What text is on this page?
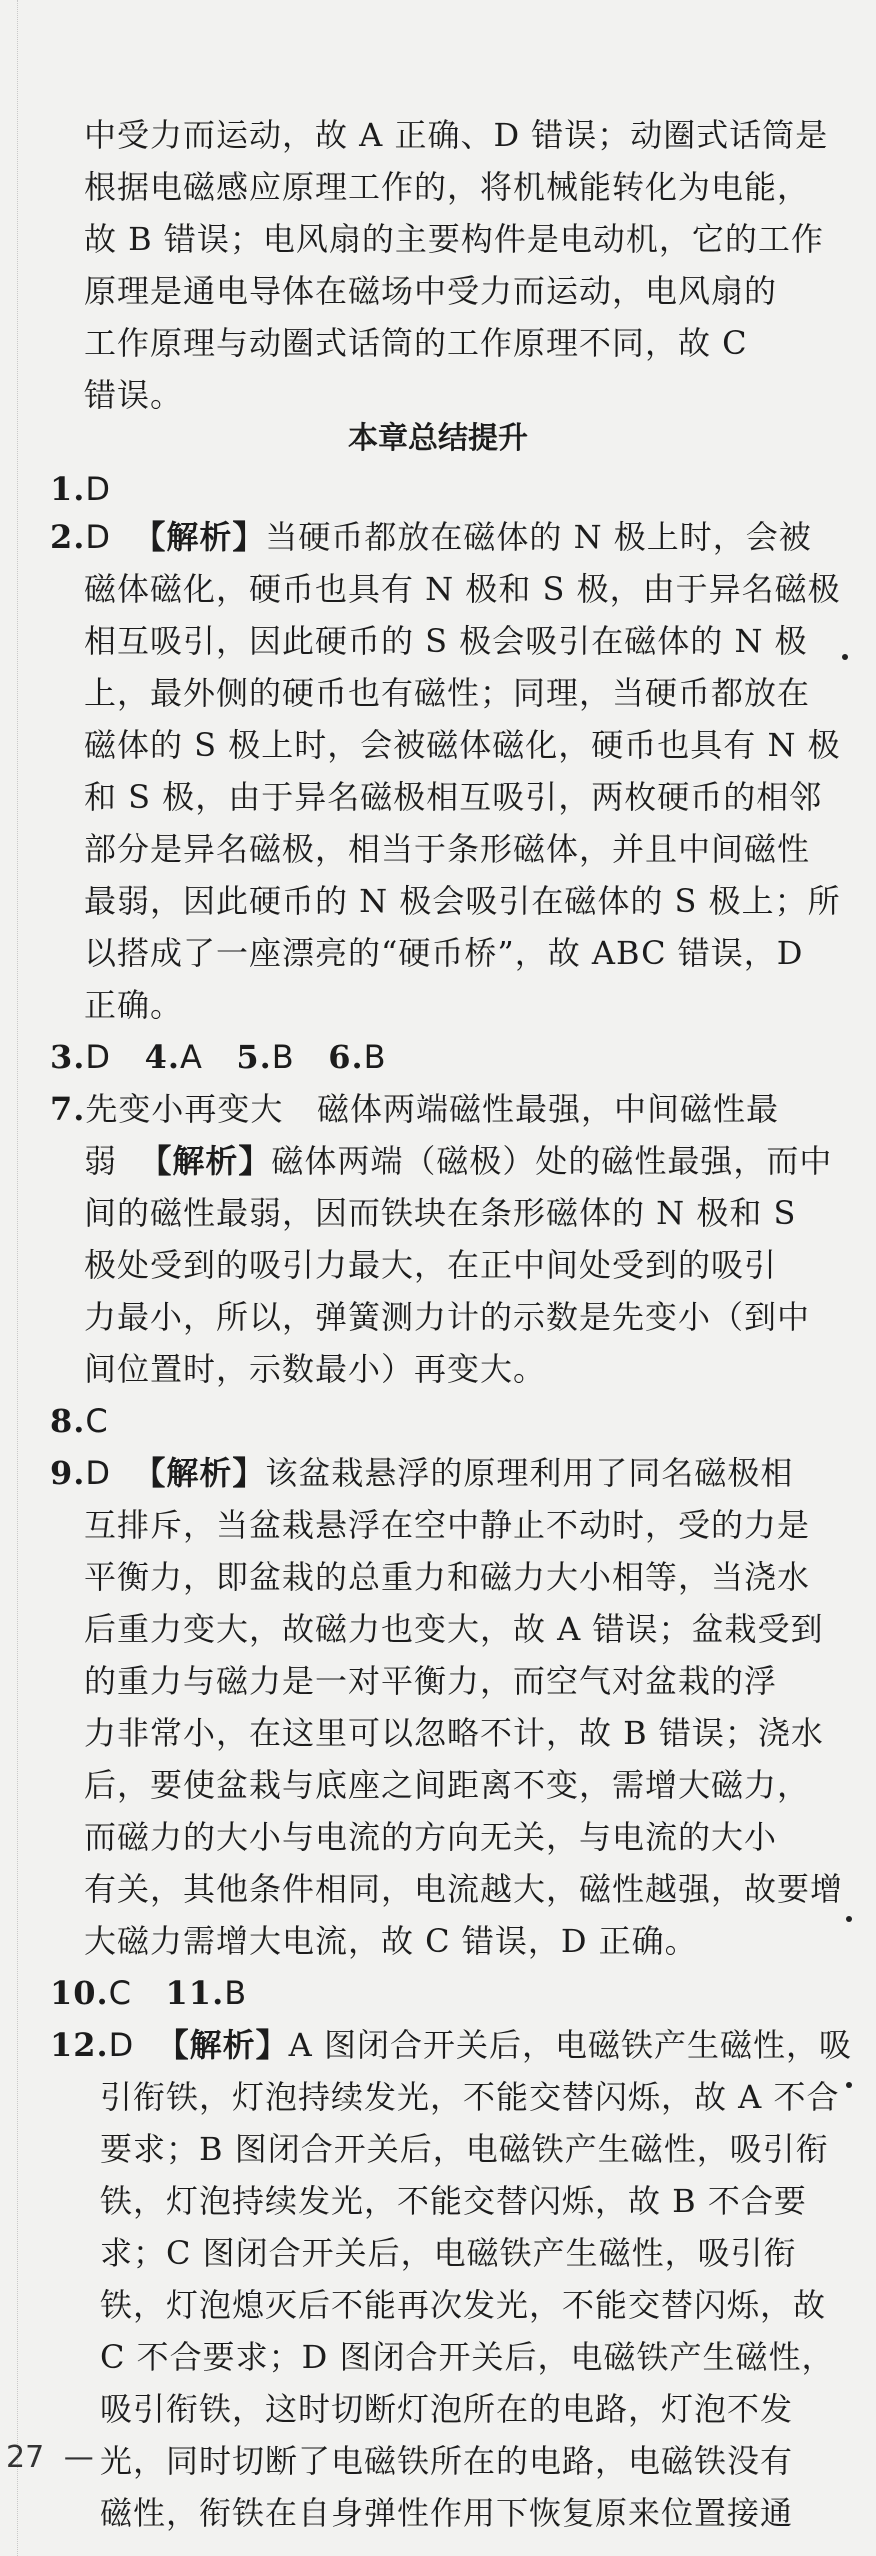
中受力而运动，故 A 正确、D 错误；动圈式话筒是
根据电磁感应原理工作的，将机械能转化为电能，
故 B 错误；电风扇的主要构件是电动机，它的工作
原理是通电导体在磁场中受力而运动，电风扇的
工作原理与动圈式话筒的工作原理不同，故 C
错误。
本章总结提升
1.D
2.D 【解析】当硬币都放在磁体的 N 极上时，会被
磁体磁化，硬币也具有 N 极和 S 极，由于异名磁极
相互吸引，因此硬币的 S 极会吸引在磁体的 N 极
上，最外侧的硬币也有磁性；同理，当硬币都放在
磁体的 S 极上时，会被磁体磁化，硬币也具有 N 极
和 S 极，由于异名磁极相互吸引，两枚硬币的相邻
部分是异名磁极，相当于条形磁体，并且中间磁性
最弱，因此硬币的 N 极会吸引在磁体的 S 极上；所
以搭成了一座漂亮的“硬币桥”，故 ABC 错误，D
正确。
3.D 4.A 5.B 6.B
7.先变小再变大 磁体两端磁性最强，中间磁性最
弱 【解析】磁体两端（磁极）处的磁性最强，而中
间的磁性最弱，因而铁块在条形磁体的 N 极和 S
极处受到的吸引力最大，在正中间处受到的吸引
力最小，所以，弹簧测力计的示数是先变小（到中
间位置时，示数最小）再变大。
8.C
9.D 【解析】该盆栽悬浮的原理利用了同名磁极相
互排斥，当盆栽悬浮在空中静止不动时，受的力是
平衡力，即盆栽的总重力和磁力大小相等，当浇水
后重力变大，故磁力也变大，故 A 错误；盆栽受到
的重力与磁力是一对平衡力，而空气对盆栽的浮
力非常小，在这里可以忽略不计，故 B 错误；浇水
后，要使盆栽与底座之间距离不变，需增大磁力，
而磁力的大小与电流的方向无关，与电流的大小
有关，其他条件相同，电流越大，磁性越强，故要增
大磁力需增大电流，故 C 错误，D 正确。
10.C 11.B
12.D 【解析】A 图闭合开关后，电磁铁产生磁性，吸
引衔铁，灯泡持续发光，不能交替闪烁，故 A 不合
要求；B 图闭合开关后，电磁铁产生磁性，吸引衔
铁，灯泡持续发光，不能交替闪烁，故 B 不合要
求；C 图闭合开关后，电磁铁产生磁性，吸引衔
铁，灯泡熄灭后不能再次发光，不能交替闪烁，故
C 不合要求；D 图闭合开关后，电磁铁产生磁性，
吸引衔铁，这时切断灯泡所在的电路，灯泡不发
光，同时切断了电磁铁所在的电路，电磁铁没有
磁性，衔铁在自身弹性作用下恢复原来位置接通
27 —
